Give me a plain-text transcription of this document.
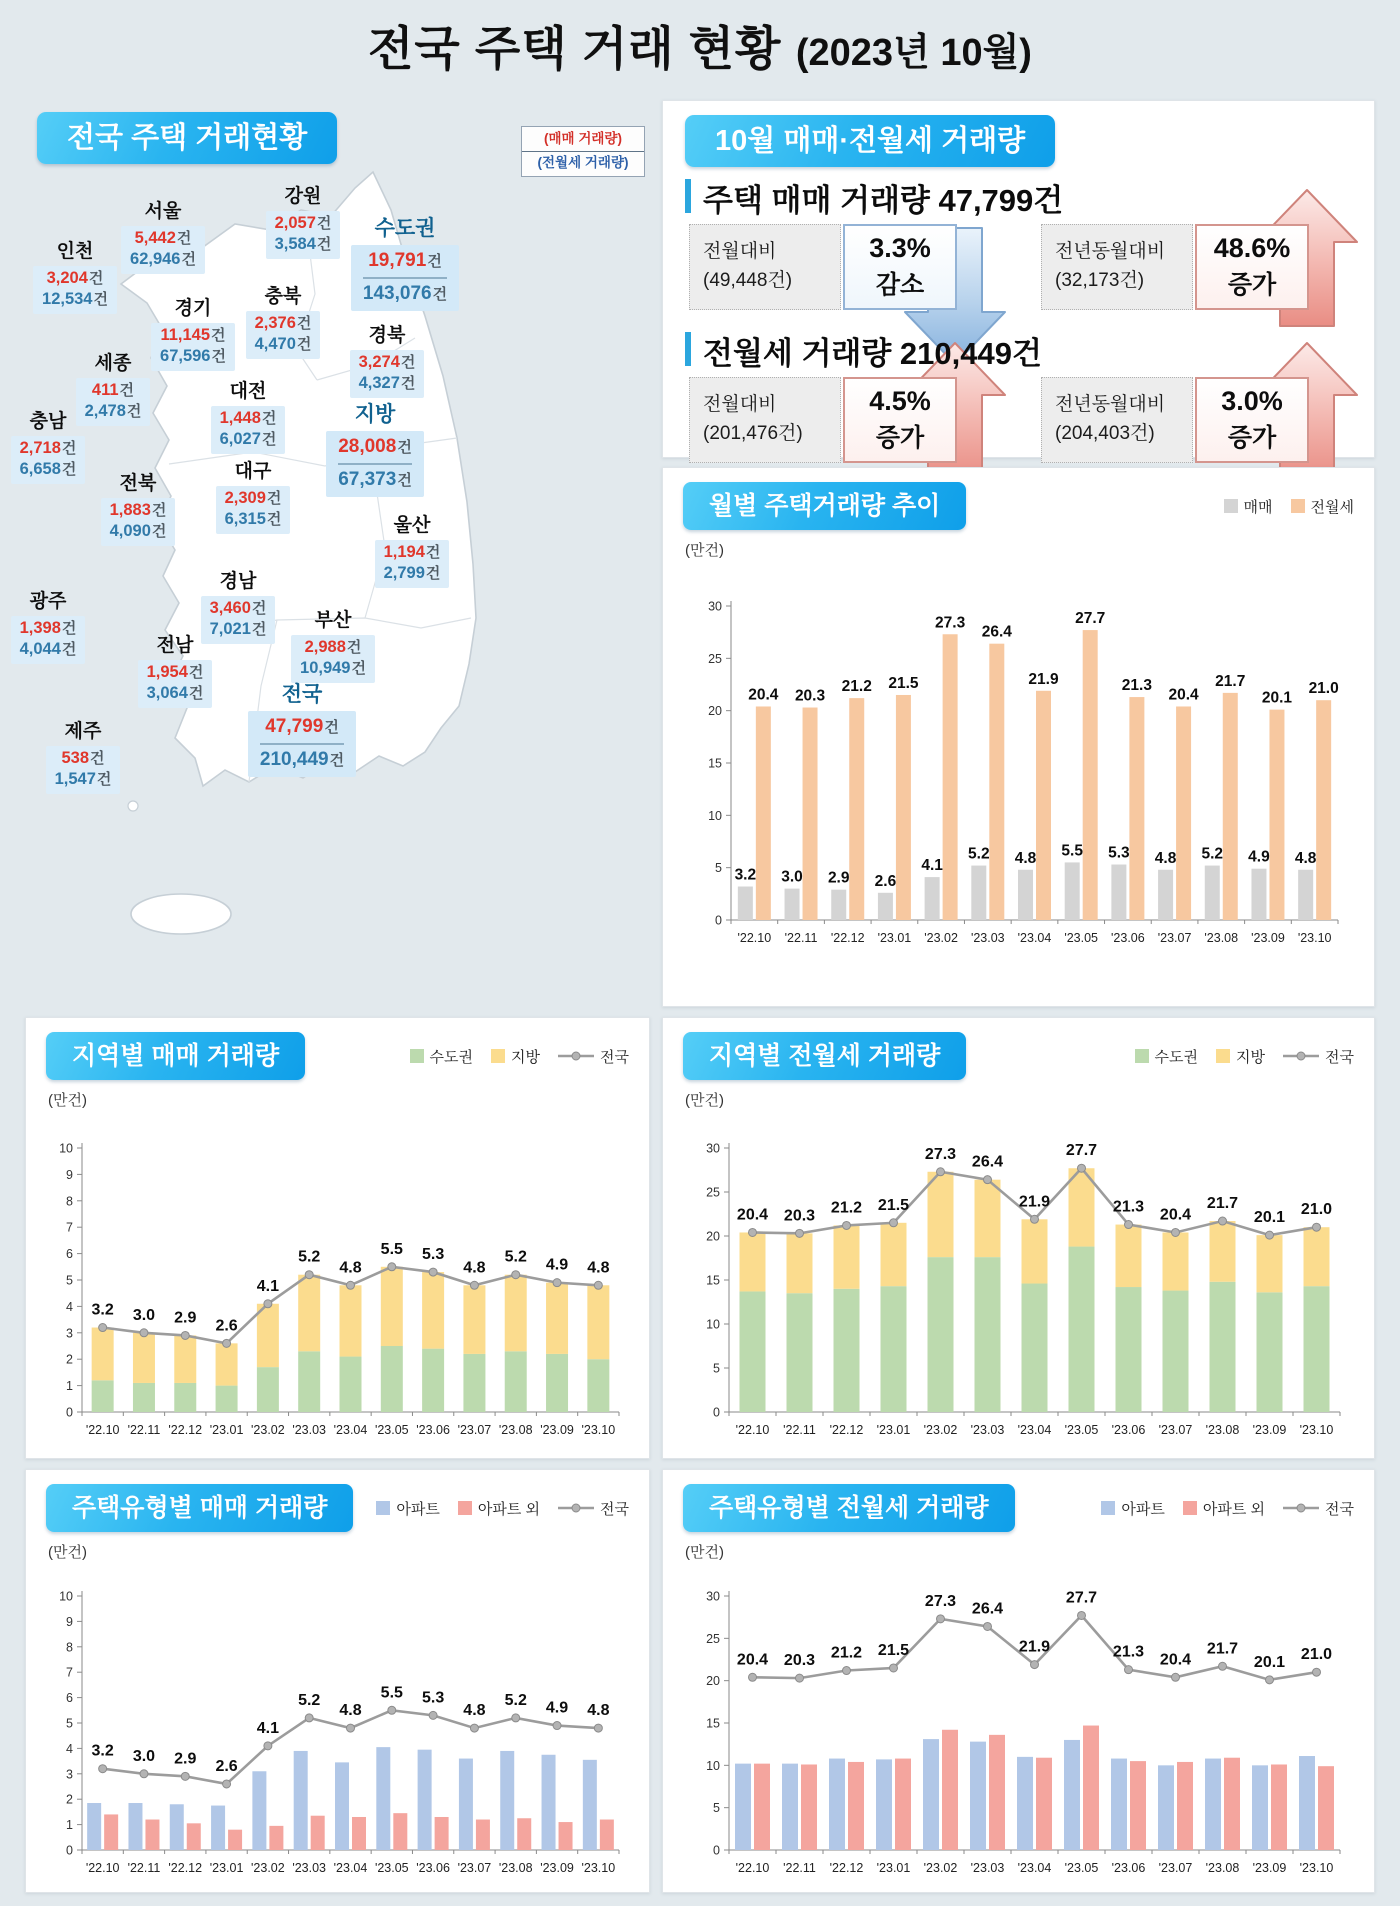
전국 주택 거래 현황 (2023년 10월)
전국 주택 거래현황	(매매 거래량)
(전월세 거래량)
서울
5,442건
62,946건
인천
3,204건
12,534건
강원
2,057건
3,584건
경기
11,145건
67,596건
충북
2,376건
4,470건
세종
411건
2,478건
대전
1,448건
6,027건
충남
2,718건
6,658건
경북
3,274건
4,327건
대구
2,309건
6,315건
전북
1,883건
4,090건	울산
1,194건
2,799건
광주
1,398건
4,044건
경남
3,460건
7,021건	부산
2,988건
10,949건
전남
1,954건
3,064건
제주
538건
1,547건
수도권
19,791건
143,076건
지방
28,008건
67,373건
전국
47,799건
210,449건
10월 매매·전월세 거래량
주택 매매 거래량 47,799건
전월대비
(49,448건)
3.3%
감소
전년동월대비
(32,173건)
48.6%
증가
전월세 거래량 210,449건
전월대비
(201,476건)
4.5%
증가
전년동월대비
(204,403건)
3.0%
증가
월별 주택거래량 추이	매매	전월세
(만건)
0
5
10
15
20
25
30
3.2 3.0 2.9 2.6
4.1
5.2 4.8 5.5 5.3 4.8 5.2 4.9 4.8
20.4 20.3
21.2 21.5
27.3
26.4
21.9
27.7
21.3
20.4
21.7
20.1
21.0
'22.10 '22.11 '22.12 '23.01 '23.02 '23.03 '23.04 '23.05 '23.06 '23.07 '23.08 '23.09 '23.10
지역별 매매 거래량	수도권	지방	전국
(만건)
0
1
2
3
4
5
6
7
8
9
10
3.2 3.0 2.9 2.6
4.1
5.2
4.8
5.5 5.3
4.8
5.2 4.9 4.8
'22.10 '22.11 '22.12 '23.01 '23.02 '23.03 '23.04 '23.05 '23.06 '23.07 '23.08 '23.09 '23.10
지역별 전월세 거래량	수도권	지방	전국
(만건)
0
5
10
15
20
25
30
20.4 20.3 21.2 21.5
27.3 26.4
21.9
27.7
21.3 20.4
21.7
20.1 21.0
'22.10 '22.11 '22.12 '23.01 '23.02 '23.03 '23.04 '23.05 '23.06 '23.07 '23.08 '23.09 '23.10
주택유형별 매매 거래량	아파트	아파트 외	전국
(만건)
0
1
2
3
4
5
6
7
8
9
10
3.2 3.0 2.9 2.6
4.1
5.2
4.8
5.5 5.3
4.8
5.2 4.9 4.8
'22.10 '22.11 '22.12 '23.01 '23.02 '23.03 '23.04 '23.05 '23.06 '23.07 '23.08 '23.09 '23.10
주택유형별 전월세 거래량	아파트	아파트 외	전국
(만건)
0
5
10
15
20
25
30
20.4 20.3 21.2 21.5
27.3 26.4
21.9
27.7
21.3 20.4
21.7
20.1 21.0
'22.10 '22.11 '22.12 '23.01 '23.02 '23.03 '23.04 '23.05 '23.06 '23.07 '23.08 '23.09 '23.10
